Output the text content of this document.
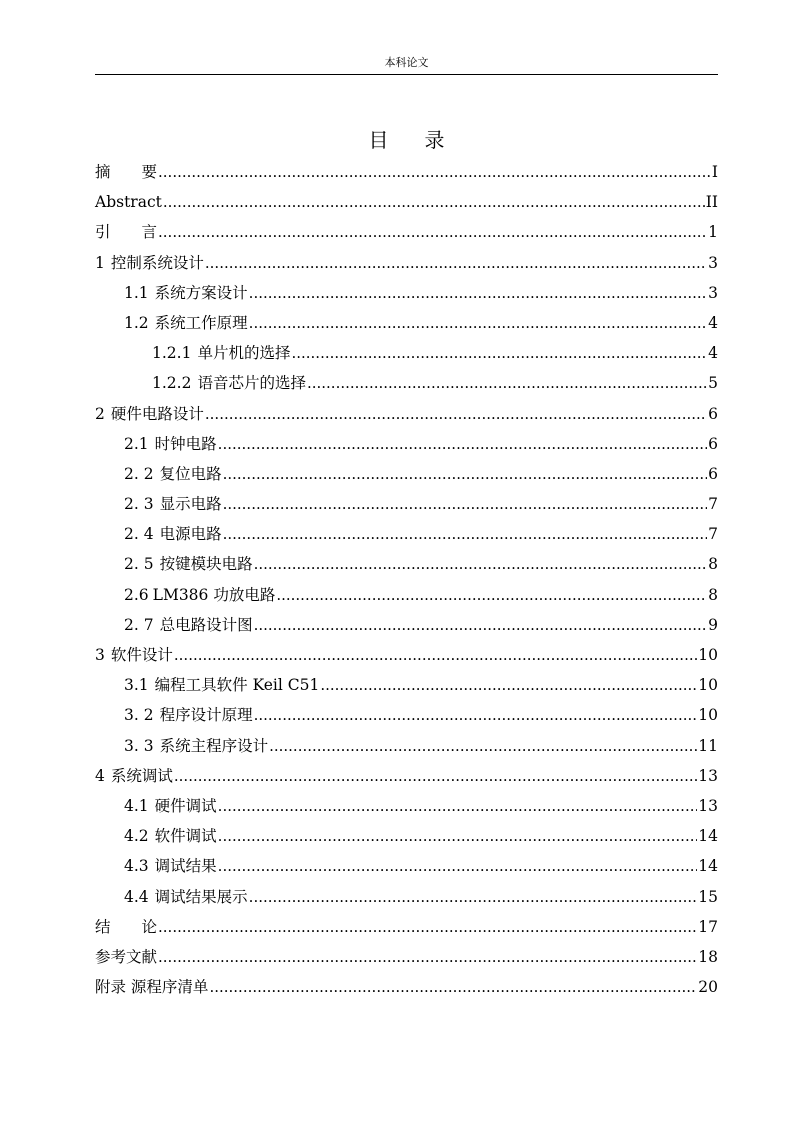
本科论文
目 录
摘　　要 .....	I
Abstract .....	II
引　　言 .....	1
1 控制系统设计 .....	3
1.1 系统方案设计 .....	3
1.2 系统工作原理 .....	4
1.2.1 单片机的选择 .....	4
1.2.2 语音芯片的选择 .....	5
2 硬件电路设计 .....	6
2.1 时钟电路 .....	6
2. 2 复位电路 .....	6
2. 3 显示电路 .....	7
2. 4 电源电路 .....	7
2. 5 按键模块电路 .....	8
2.6 LM386 功放电路 .....	8
2. 7 总电路设计图 .....	9
3 软件设计 .....	10
3.1 编程工具软件 Keil C51 .....	10
3. 2 程序设计原理 .....	10
3. 3 系统主程序设计 .....	11
4 系统调试 .....	13
4.1 硬件调试 .....	13
4.2 软件调试 .....	14
4.3 调试结果 .....	14
4.4 调试结果展示 .....	15
结　　论 .....	17
参考文献 .....	18
附录 源程序清单 .....	20
